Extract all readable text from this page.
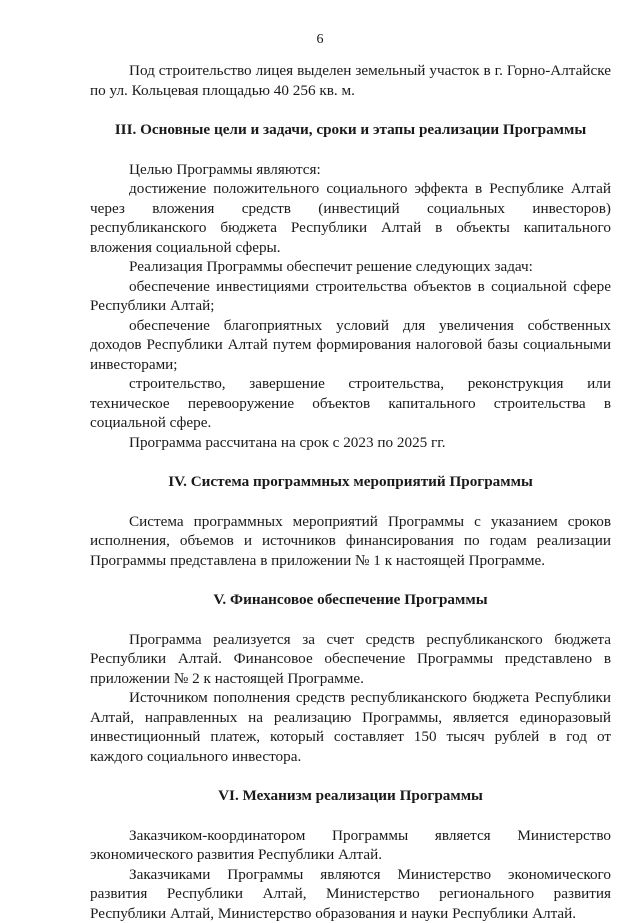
6

Под строительство лицея выделен земельный участок в г. Горно-Алтайске по ул. Кольцевая площадью 40 256 кв. м.

III. Основные цели и задачи, сроки и этапы реализации Программы

Целью Программы являются:

достижение положительного социального эффекта в Республике Алтай через вложения средств (инвестиций социальных инвесторов) республиканского бюджета Республики Алтай в объекты капитального вложения социальной сферы.

Реализация Программы обеспечит решение следующих задач:

обеспечение инвестициями строительства объектов в социальной сфере Республики Алтай;

обеспечение благоприятных условий для увеличения собственных доходов Республики Алтай путем формирования налоговой базы социальными инвесторами;

строительство, завершение строительства, реконструкция или техническое перевооружение объектов капитального строительства в социальной сфере.

Программа рассчитана на срок с 2023 по 2025 гг.

IV. Система программных мероприятий Программы

Система программных мероприятий Программы с указанием сроков исполнения, объемов и источников финансирования по годам реализации Программы представлена в приложении № 1 к настоящей Программе.

V. Финансовое обеспечение Программы

Программа реализуется за счет средств республиканского бюджета Республики Алтай. Финансовое обеспечение Программы представлено в приложении № 2 к настоящей Программе.

Источником пополнения средств республиканского бюджета Республики Алтай, направленных на реализацию Программы, является единоразовый инвестиционный платеж, который составляет 150 тысяч рублей в год от каждого социального инвестора.

VI. Механизм реализации Программы

Заказчиком-координатором Программы является Министерство экономического развития Республики Алтай.

Заказчиками Программы являются Министерство экономического развития Республики Алтай, Министерство регионального развития Республики Алтай, Министерство образования и науки Республики Алтай.
